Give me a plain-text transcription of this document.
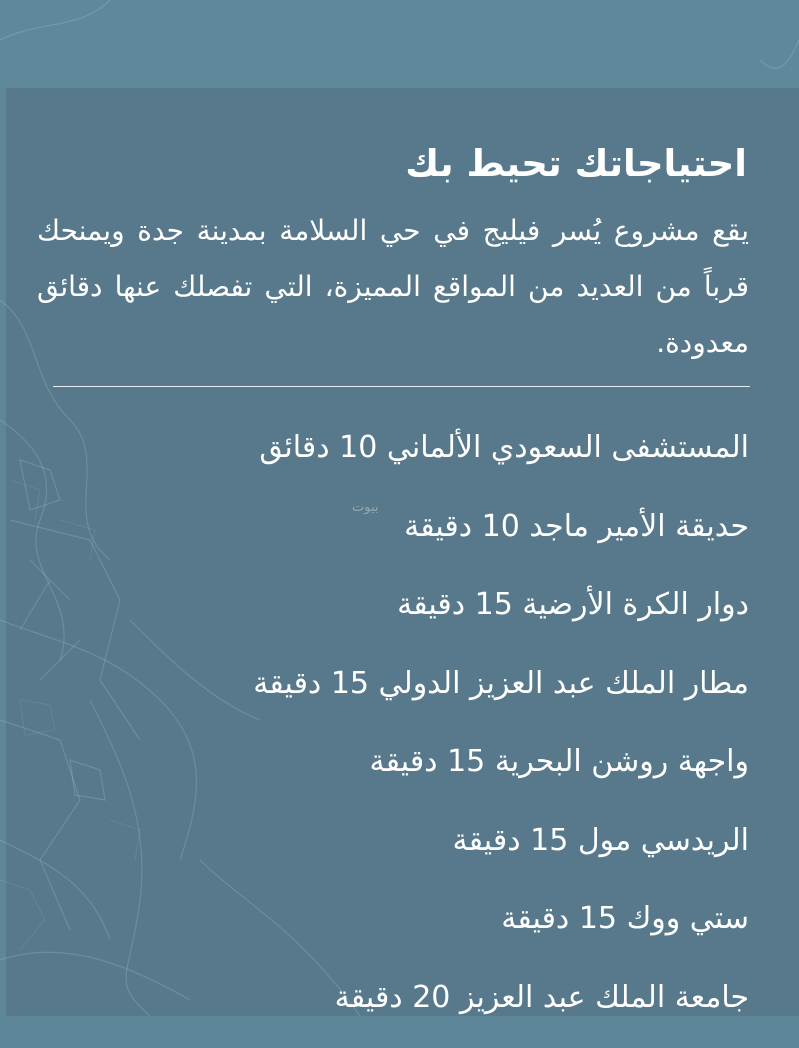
احتياجاتك تحيط بك

يقع مشروع يُسر فيليج في حي السلامة بمدينة جدة ويمنحك قرباً من العديد من المواقع المميزة، التي تفصلك عنها دقائق معدودة.

المستشفى السعودي الألماني 10 دقائق
حديقة الأمير ماجد 10 دقيقة
دوار الكرة الأرضية 15 دقيقة
مطار الملك عبد العزيز الدولي 15 دقيقة
واجهة روشن البحرية 15 دقيقة
الريدسي مول 15 دقيقة
ستي ووك 15 دقيقة
جامعة الملك عبد العزيز 20 دقيقة
بيوت
